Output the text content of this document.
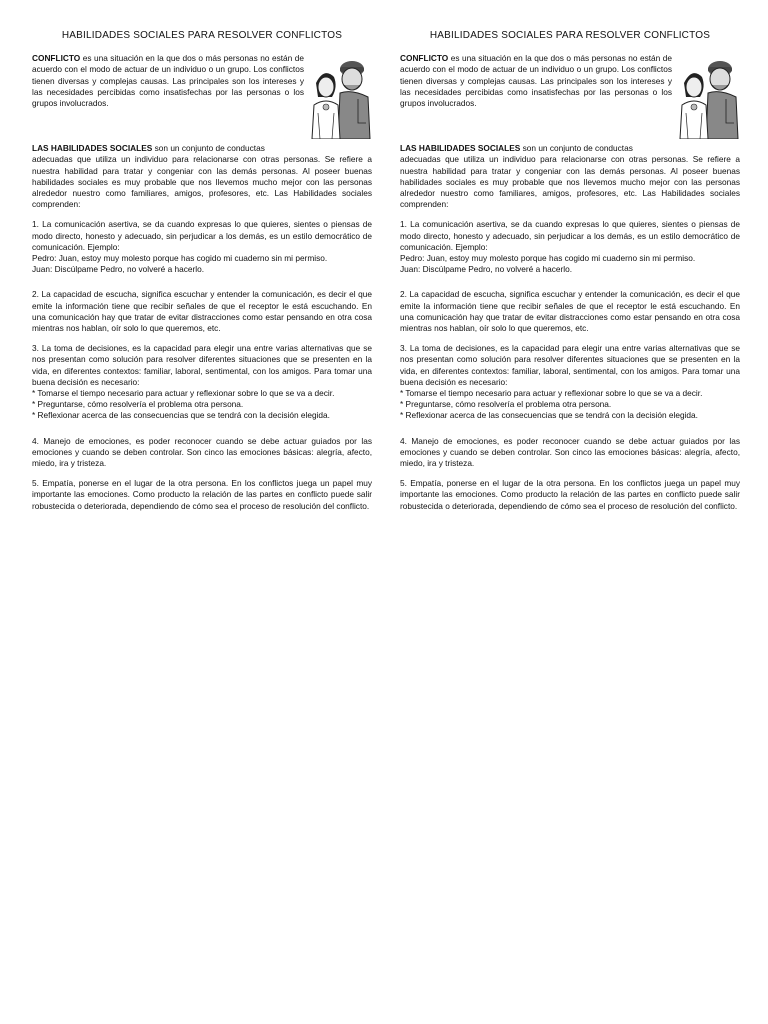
HABILIDADES SOCIALES PARA RESOLVER CONFLICTOS

CONFLICTO es una situación en la que dos o más personas no están de acuerdo con el modo de actuar de un individuo o un grupo. Los conflictos tienen diversas y complejas causas. Las principales son los intereses y las necesidades percibidas como insatisfechas por las personas o los grupos involucrados.

LAS HABILIDADES SOCIALES son un conjunto de conductas
adecuadas que utiliza un individuo para relacionarse con otras personas. Se refiere a nuestra habilidad para tratar y congeniar con las demás personas. Al poseer buenas habilidades sociales es muy probable que nos llevemos mucho mejor con las personas alrededor nuestro como familiares, amigos, profesores, etc. Las Habilidades sociales comprenden:

1. La comunicación asertiva, se da cuando expresas lo que quieres, sientes o piensas de modo directo, honesto y adecuado, sin perjudicar a los demás, es un estilo democrático de comunicación. Ejemplo:
Pedro: Juan, estoy muy molesto porque has cogido mi cuaderno sin mi permiso.
Juan: Discúlpame Pedro, no volveré a hacerlo.

2. La capacidad de escucha, significa escuchar y entender la comunicación, es decir el que emite la información tiene que recibir señales de que el receptor le está escuchando. En una comunicación hay que tratar de evitar distracciones como estar pensando en otra cosa mientras nos hablan, oír solo lo que queremos, etc.

3. La toma de decisiones, es la capacidad para elegir una entre varias alternativas que se nos presentan como solución para resolver diferentes situaciones que se presenten en la vida, en diferentes contextos: familiar, laboral, sentimental, con los amigos. Para tomar una buena decisión es necesario:
* Tomarse el tiempo necesario para actuar y reflexionar sobre lo que se va a decir.
* Preguntarse, cómo resolvería el problema otra persona.
* Reflexionar acerca de las consecuencias que se tendrá con la decisión elegida.

4. Manejo de emociones, es poder reconocer cuando se debe actuar guiados por las emociones y cuando se deben controlar. Son cinco las emociones básicas: alegría, afecto, miedo, ira y tristeza.

5. Empatía, ponerse en el lugar de la otra persona. En los conflictos juega un papel muy importante las emociones. Como producto la relación de las partes en conflicto puede salir robustecida o deteriorada, dependiendo de cómo sea el proceso de resolución del conflicto.

HABILIDADES SOCIALES PARA RESOLVER CONFLICTOS

CONFLICTO es una situación en la que dos o más personas no están de acuerdo con el modo de actuar de un individuo o un grupo. Los conflictos tienen diversas y complejas causas. Las principales son los intereses y las necesidades percibidas como insatisfechas por las personas o los grupos involucrados.

LAS HABILIDADES SOCIALES son un conjunto de conductas
adecuadas que utiliza un individuo para relacionarse con otras personas. Se refiere a nuestra habilidad para tratar y congeniar con las demás personas. Al poseer buenas habilidades sociales es muy probable que nos llevemos mucho mejor con las personas alrededor nuestro como familiares, amigos, profesores, etc. Las Habilidades sociales comprenden:

1. La comunicación asertiva, se da cuando expresas lo que quieres, sientes o piensas de modo directo, honesto y adecuado, sin perjudicar a los demás, es un estilo democrático de comunicación. Ejemplo:
Pedro: Juan, estoy muy molesto porque has cogido mi cuaderno sin mi permiso.
Juan: Discúlpame Pedro, no volveré a hacerlo.

2. La capacidad de escucha, significa escuchar y entender la comunicación, es decir el que emite la información tiene que recibir señales de que el receptor le está escuchando. En una comunicación hay que tratar de evitar distracciones como estar pensando en otra cosa mientras nos hablan, oír solo lo que queremos, etc.

3. La toma de decisiones, es la capacidad para elegir una entre varias alternativas que se nos presentan como solución para resolver diferentes situaciones que se presenten en la vida, en diferentes contextos: familiar, laboral, sentimental, con los amigos. Para tomar una buena decisión es necesario:
* Tomarse el tiempo necesario para actuar y reflexionar sobre lo que se va a decir.
* Preguntarse, cómo resolvería el problema otra persona.
* Reflexionar acerca de las consecuencias que se tendrá con la decisión elegida.

4. Manejo de emociones, es poder reconocer cuando se debe actuar guiados por las emociones y cuando se deben controlar. Son cinco las emociones básicas: alegría, afecto, miedo, ira y tristeza.

5. Empatía, ponerse en el lugar de la otra persona. En los conflictos juega un papel muy importante las emociones. Como producto la relación de las partes en conflicto puede salir robustecida o deteriorada, dependiendo de cómo sea el proceso de resolución del conflicto.
